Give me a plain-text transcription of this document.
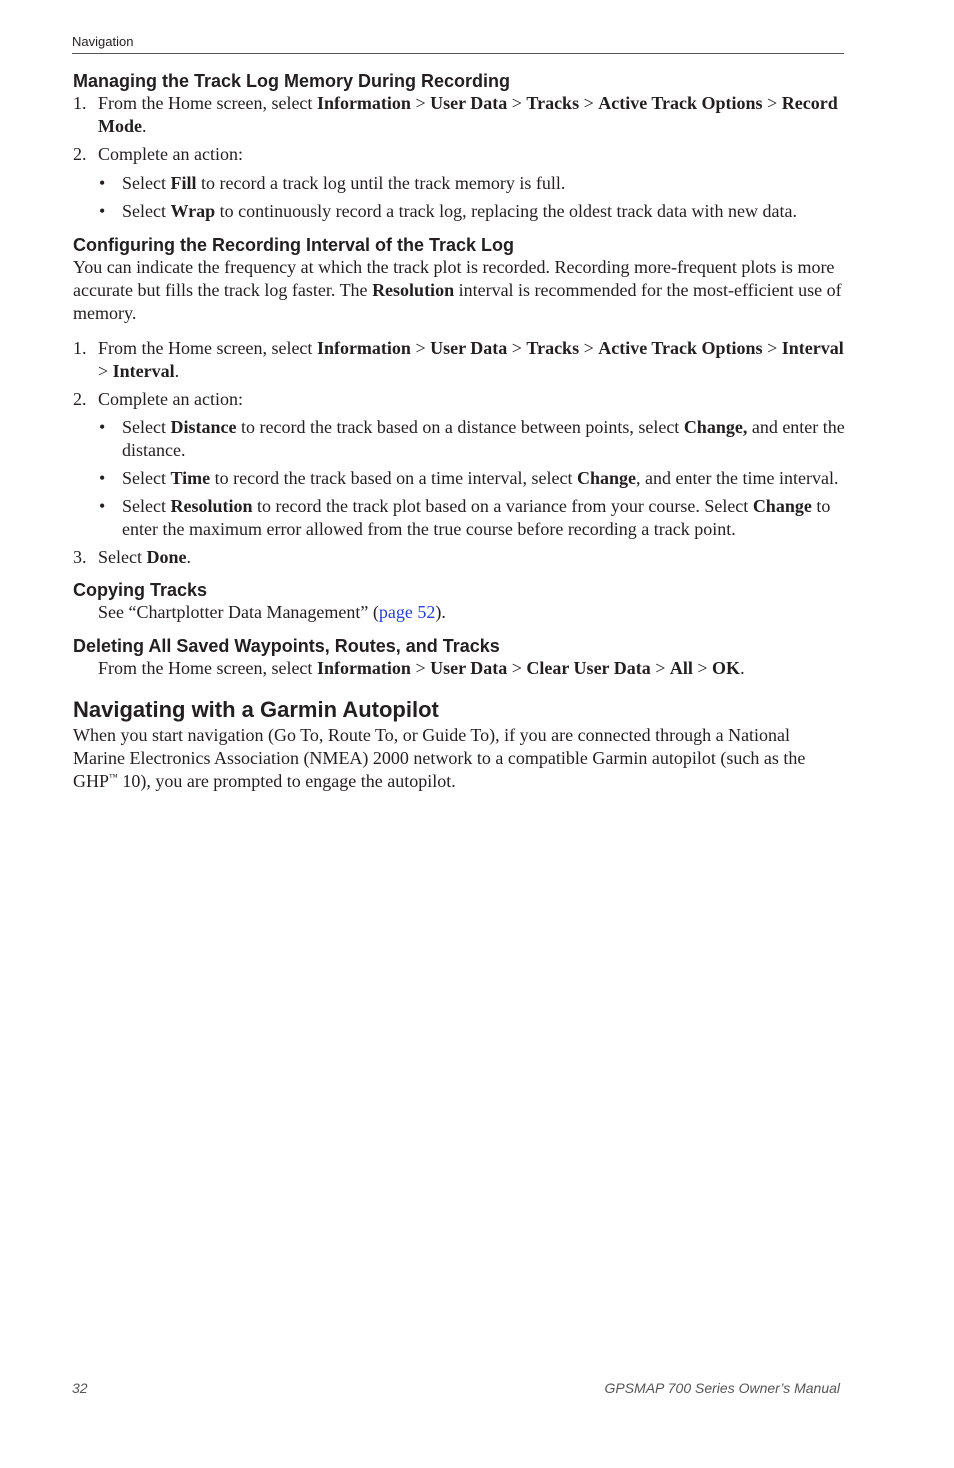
Navigation
Managing the Track Log Memory During Recording
1. From the Home screen, select Information > User Data > Tracks > Active Track Options > Record Mode.
2. Complete an action:
• Select Fill to record a track log until the track memory is full.
• Select Wrap to continuously record a track log, replacing the oldest track data with new data.
Configuring the Recording Interval of the Track Log

You can indicate the frequency at which the track plot is recorded. Recording more-frequent plots is more accurate but fills the track log faster. The Resolution interval is recommended for the most-efficient use of memory.

1. From the Home screen, select Information > User Data > Tracks > Active Track Options > Interval > Interval.
2. Complete an action:
• Select Distance to record the track based on a distance between points, select Change, and enter the distance.
• Select Time to record the track based on a time interval, select Change, and enter the time interval.
• Select Resolution to record the track plot based on a variance from your course. Select Change to enter the maximum error allowed from the true course before recording a track point.
3. Select Done.
Copying Tracks

See “Chartplotter Data Management” (page 52).

Deleting All Saved Waypoints, Routes, and Tracks

From the Home screen, select Information > User Data > Clear User Data > All > OK.

Navigating with a Garmin Autopilot

When you start navigation (Go To, Route To, or Guide To), if you are connected through a National Marine Electronics Association (NMEA) 2000 network to a compatible Garmin autopilot (such as the GHP™ 10), you are prompted to engage the autopilot.

32	GPSMAP 700 Series Owner’s Manual
